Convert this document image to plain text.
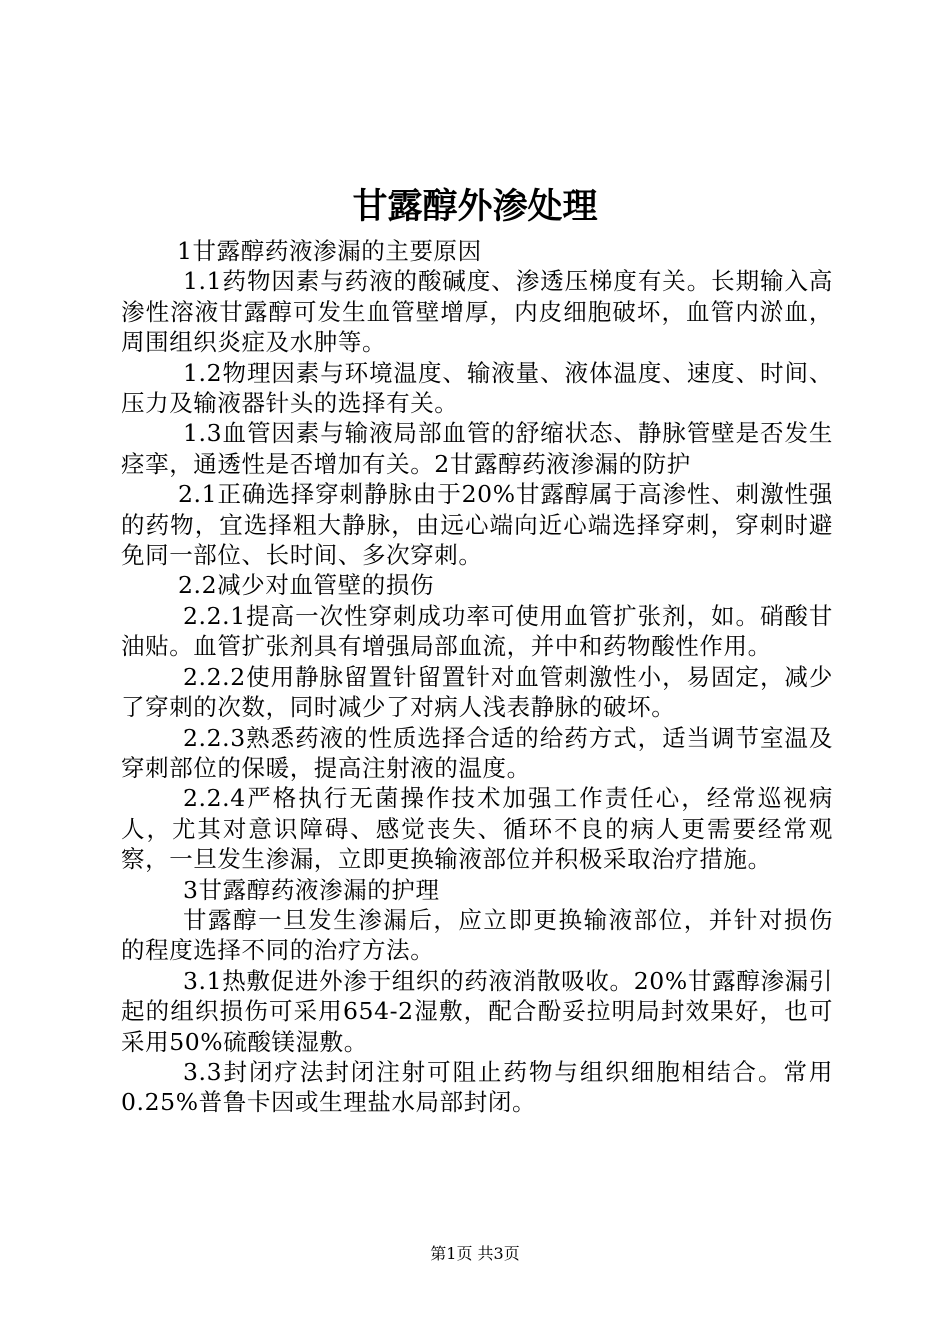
甘露醇外渗处理

1甘露醇药液渗漏的主要原因

1.1药物因素与药液的酸碱度、渗透压梯度有关。长期输入高渗性溶液甘露醇可发生血管壁增厚，内皮细胞破坏，血管内淤血，周围组织炎症及水肿等。

1.2物理因素与环境温度、输液量、液体温度、速度、时间、压力及输液器针头的选择有关。

1.3血管因素与输液局部血管的舒缩状态、静脉管壁是否发生痉挛，通透性是否增加有关。2甘露醇药液渗漏的防护

2.1正确选择穿刺静脉由于20%甘露醇属于高渗性、刺激性强的药物，宜选择粗大静脉，由远心端向近心端选择穿刺，穿刺时避免同一部位、长时间、多次穿刺。

2.2减少对血管壁的损伤

2.2.1提高一次性穿刺成功率可使用血管扩张剂，如。硝酸甘油贴。血管扩张剂具有增强局部血流，并中和药物酸性作用。

2.2.2使用静脉留置针留置针对血管刺激性小，易固定，减少了穿刺的次数，同时减少了对病人浅表静脉的破坏。

2.2.3熟悉药液的性质选择合适的给药方式，适当调节室温及穿刺部位的保暖，提高注射液的温度。

2.2.4严格执行无菌操作技术加强工作责任心，经常巡视病人，尤其对意识障碍、感觉丧失、循环不良的病人更需要经常观察，一旦发生渗漏，立即更换输液部位并积极采取治疗措施。

3甘露醇药液渗漏的护理

甘露醇一旦发生渗漏后，应立即更换输液部位，并针对损伤的程度选择不同的治疗方法。

3.1热敷促进外渗于组织的药液消散吸收。20%甘露醇渗漏引起的组织损伤可采用654-2湿敷，配合酚妥拉明局封效果好，也可采用50%硫酸镁湿敷。

3.3封闭疗法封闭注射可阻止药物与组织细胞相结合。常用0.25%普鲁卡因或生理盐水局部封闭。

第1页 共3页
